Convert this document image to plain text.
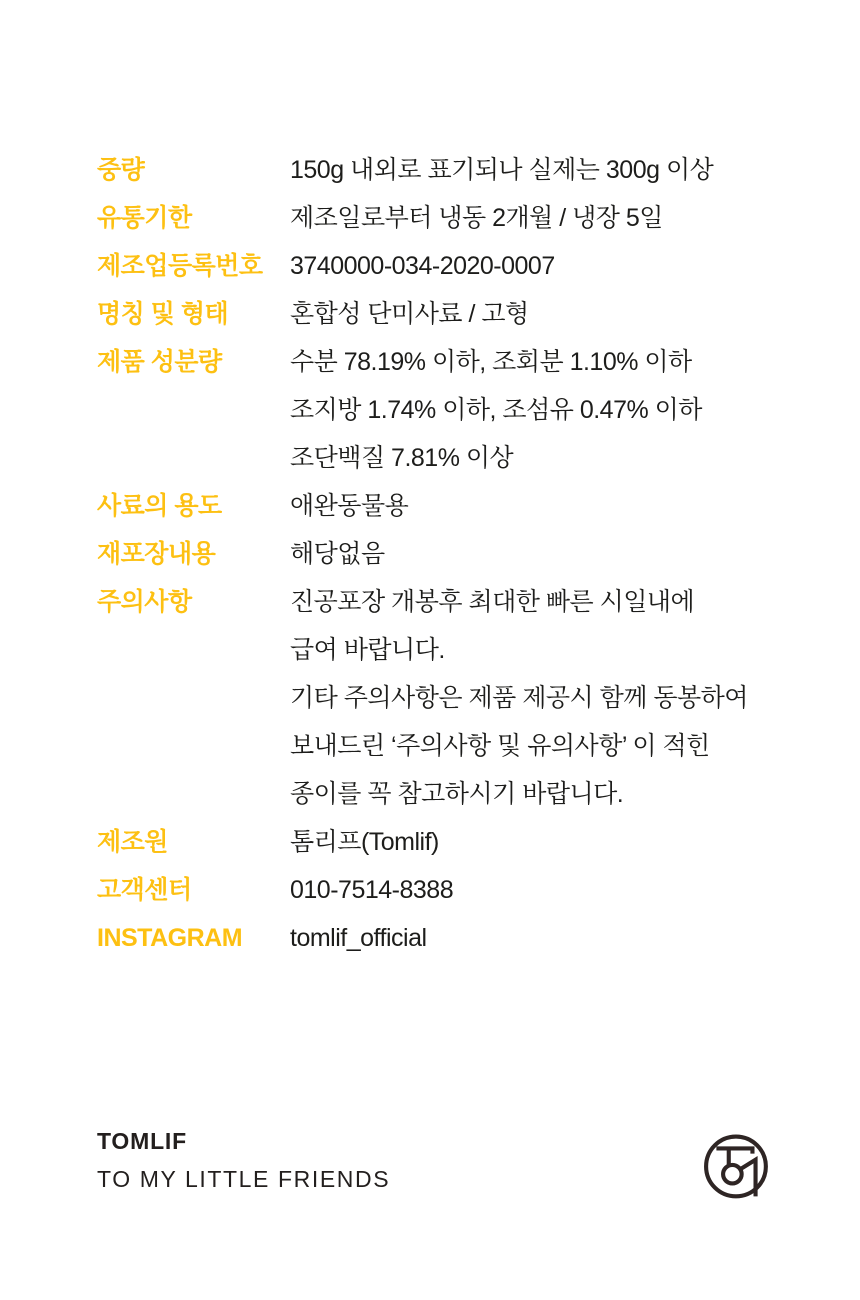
중량	150g 내외로 표기되나 실제는 300g 이상
유통기한	제조일로부터 냉동 2개월 / 냉장 5일
제조업등록번호	3740000-034-2020-0007
명칭 및 형태	혼합성 단미사료 / 고형
제품 성분량	수분 78.19% 이하, 조회분 1.10% 이하
조지방 1.74% 이하, 조섬유 0.47% 이하
조단백질 7.81% 이상
사료의 용도	애완동물용
재포장내용	해당없음
주의사항	진공포장 개봉후 최대한 빠른 시일내에
급여 바랍니다.
기타 주의사항은 제품 제공시 함께 동봉하여
보내드린 ‘주의사항 및 유의사항’ 이 적힌
종이를 꼭 참고하시기 바랍니다.
제조원	톰리프(Tomlif)
고객센터	010-7514-8388
INSTAGRAM	tomlif_official
TOMLIF
TO MY LITTLE FRIENDS
